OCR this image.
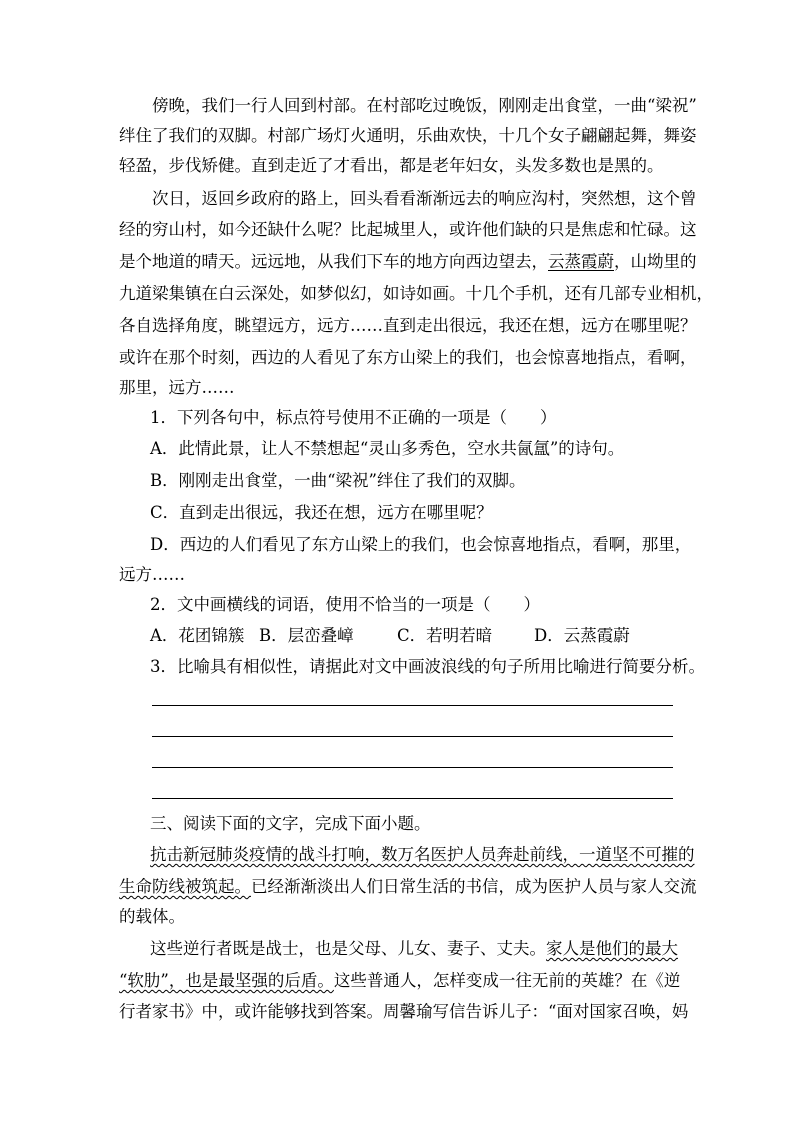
傍晚，我们一行人回到村部。在村部吃过晚饭，刚刚走出食堂，一曲“梁祝”
绊住了我们的双脚。村部广场灯火通明，乐曲欢快，十几个女子翩翩起舞，舞姿
轻盈，步伐矫健。直到走近了才看出，都是老年妇女，头发多数也是黑的。
次日，返回乡政府的路上，回头看看渐渐远去的响应沟村，突然想，这个曾
经的穷山村，如今还缺什么呢？比起城里人，或许他们缺的只是焦虑和忙碌。这
是个地道的晴天。远远地，从我们下车的地方向西边望去，云蒸霞蔚，山坳里的
九道梁集镇在白云深处，如梦似幻，如诗如画。十几个手机，还有几部专业相机，
各自选择角度，眺望远方，远方……直到走出很远，我还在想，远方在哪里呢？
或许在那个时刻，西边的人看见了东方山梁上的我们，也会惊喜地指点，看啊，
那里，远方……
1．下列各句中，标点符号使用不正确的一项是（　　）
A．此情此景，让人不禁想起“灵山多秀色，空水共氤氲”的诗句。
B．刚刚走出食堂，一曲“梁祝”绊住了我们的双脚。
C．直到走出很远，我还在想，远方在哪里呢？
D．西边的人们看见了东方山梁上的我们，也会惊喜地指点，看啊，那里，
远方……
2．文中画横线的词语，使用不恰当的一项是（　　）
A．花团锦簇 B．层峦叠嶂	C．若明若暗	D．云蒸霞蔚
3．比喻具有相似性，请据此对文中画波浪线的句子所用比喻进行简要分析。
三、阅读下面的文字，完成下面小题。
抗击新冠肺炎疫情的战斗打响，数万名医护人员奔赴前线，一道坚不可摧的
生命防线被筑起。已经渐渐淡出人们日常生活的书信，成为医护人员与家人交流
的载体。
这些逆行者既是战士，也是父母、儿女、妻子、丈夫。家人是他们的最大
“软肋”，也是最坚强的后盾。这些普通人，怎样变成一往无前的英雄？在《逆
行者家书》中，或许能够找到答案。周馨瑜写信告诉儿子：“面对国家召唤，妈
